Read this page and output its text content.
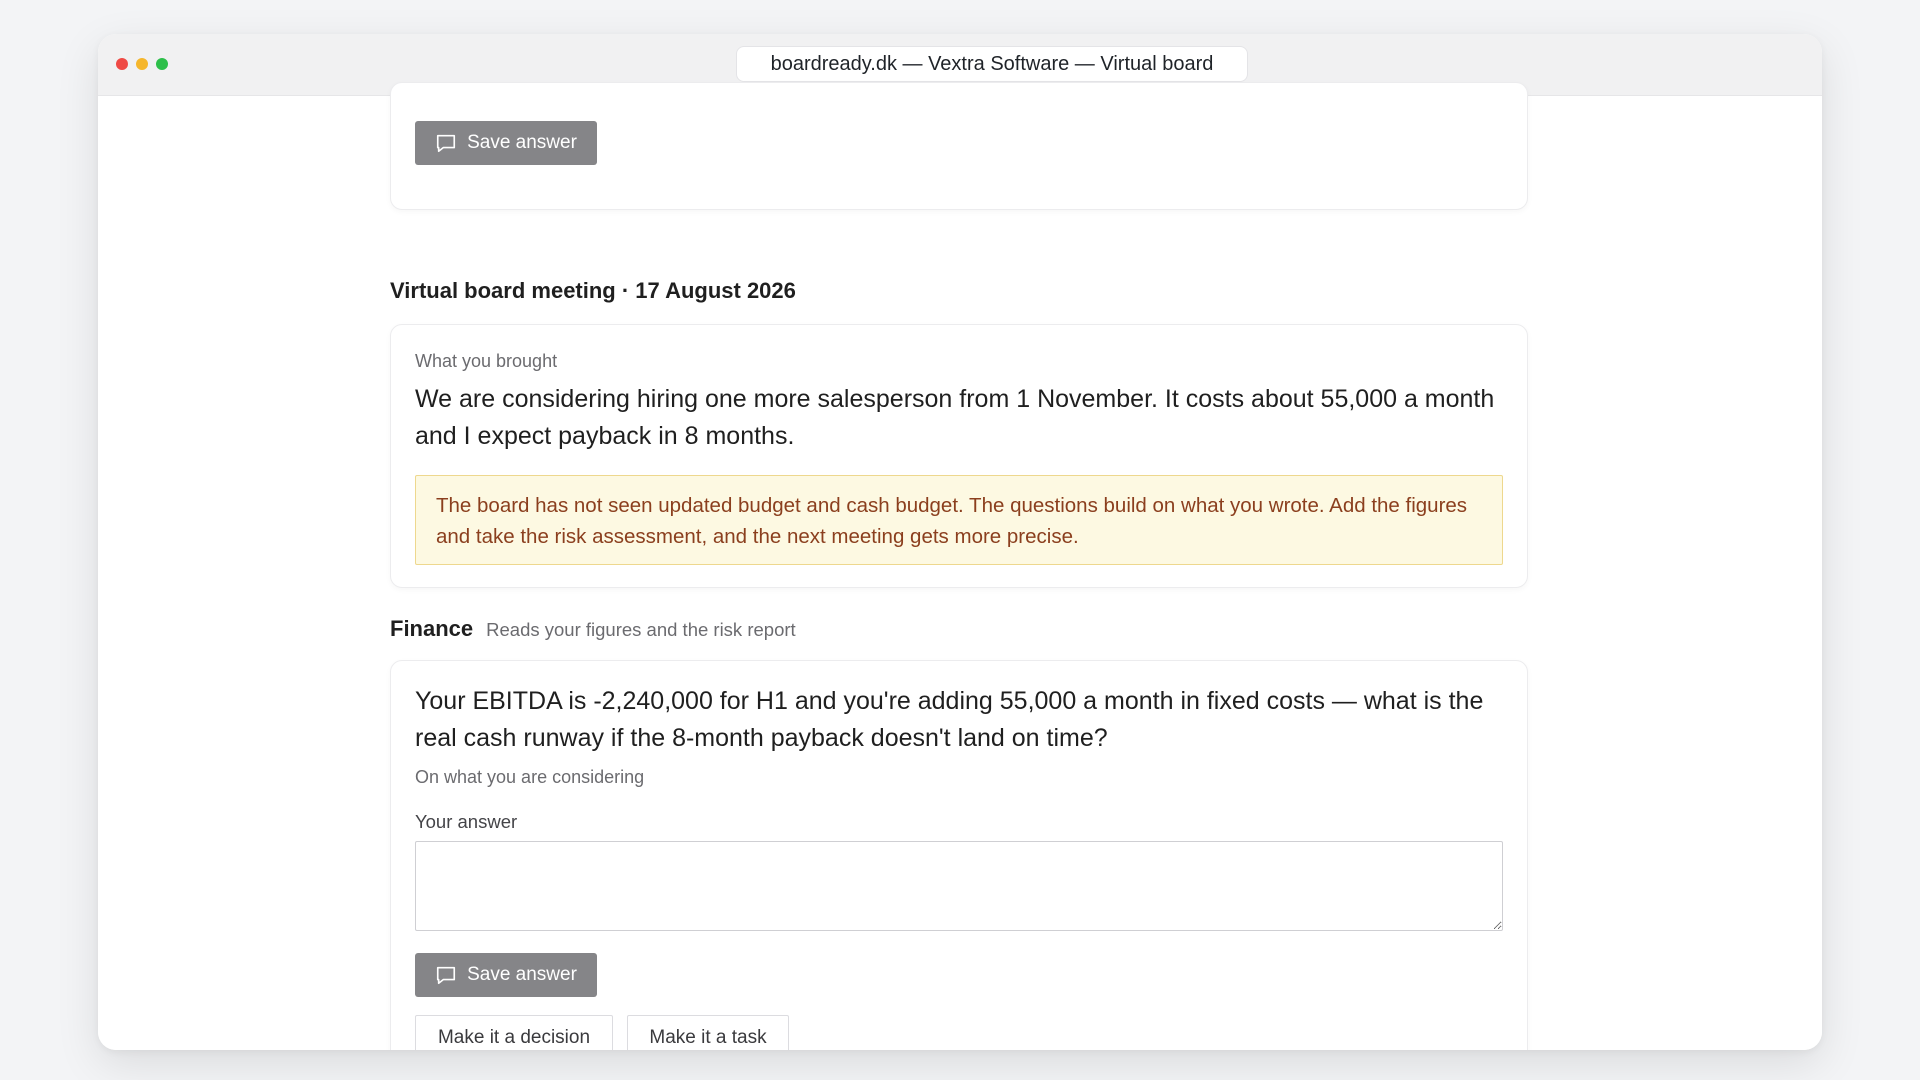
boardready.dk — Vextra Software — Virtual board
Save answer
Virtual board meeting · 17 August 2026
What you brought
We are considering hiring one more salesperson from 1 November. It costs about 55,000 a month and I expect payback in 8 months.
The board has not seen updated budget and cash budget. The questions build on what you wrote. Add the figures and take the risk assessment, and the next meeting gets more precise.
Finance Reads your figures and the risk report
Your EBITDA is -2,240,000 for H1 and you're adding 55,000 a month in fixed costs — what is the real cash runway if the 8-month payback doesn't land on time?
On what you are considering
Your answer
Save answer
Make it a decision	Make it a task
